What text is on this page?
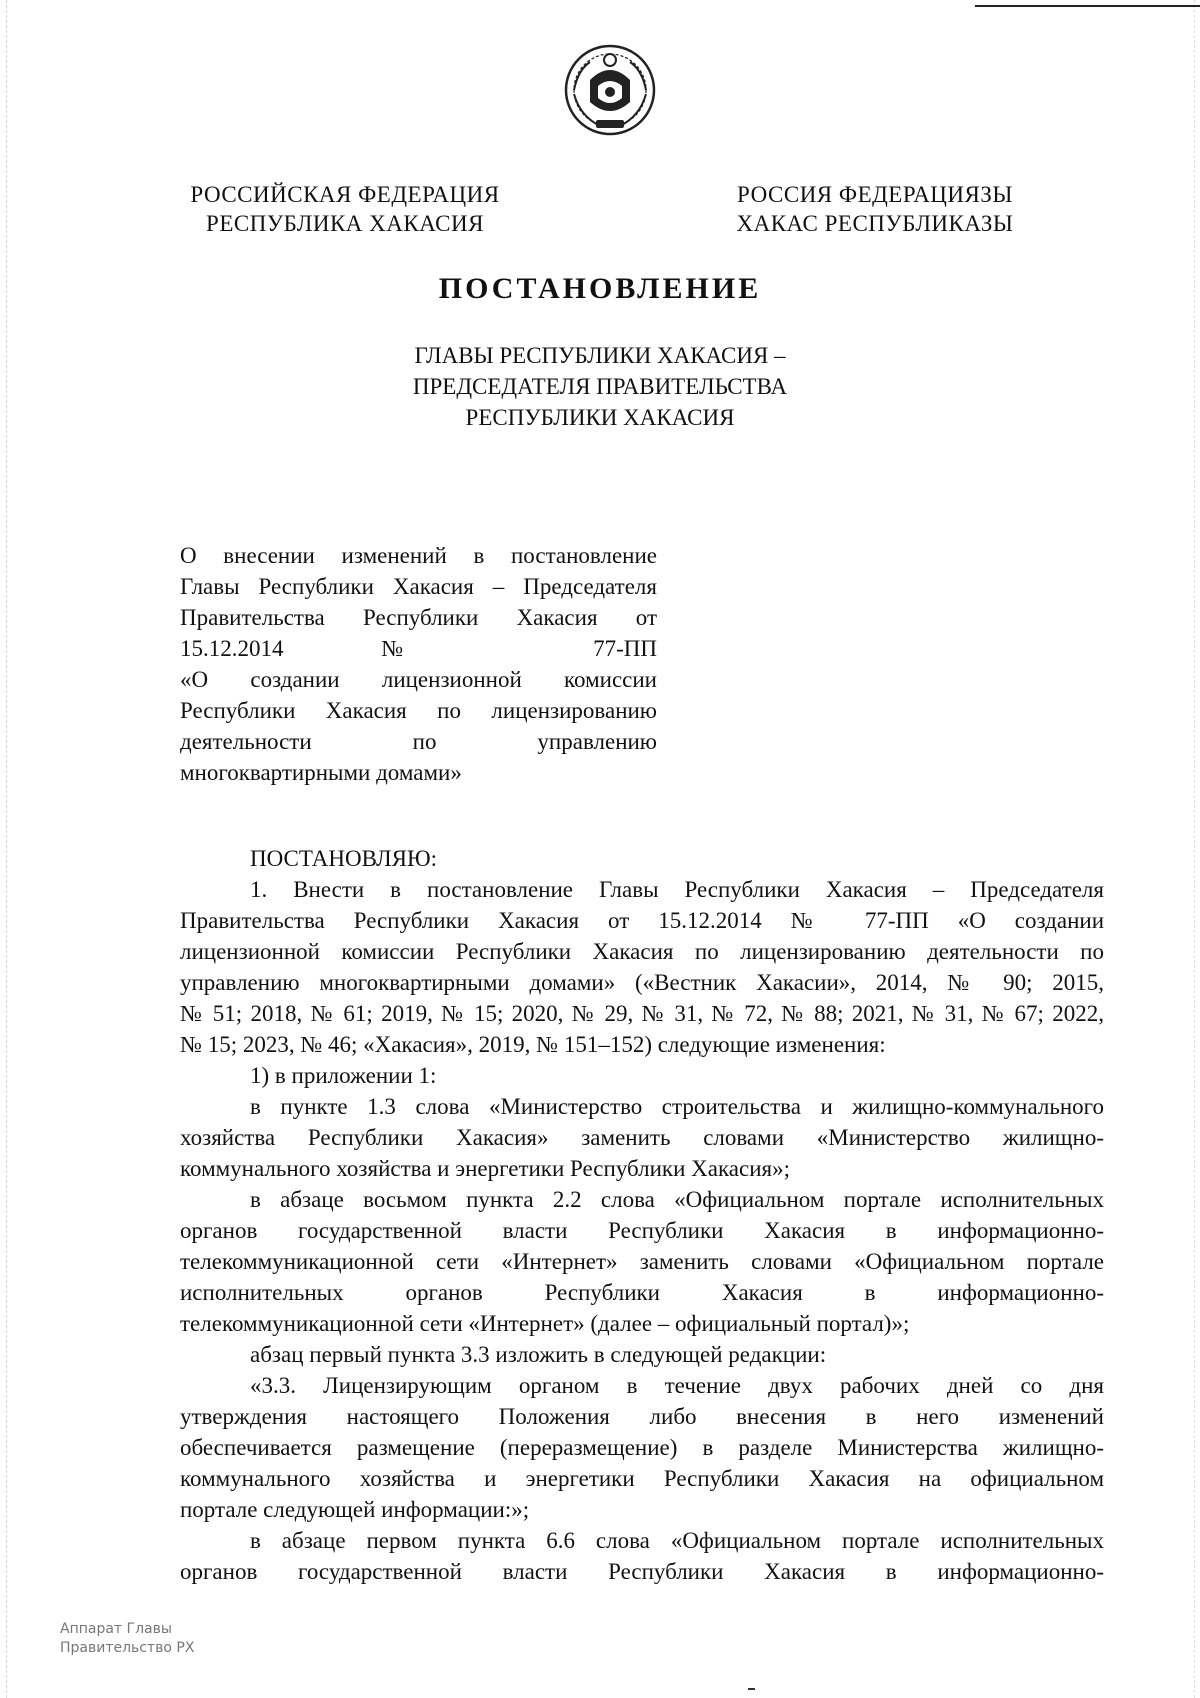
РОССИЙСКАЯ ФЕДЕРАЦИЯ
РЕСПУБЛИКА ХАКАСИЯ
РОССИЯ ФЕДЕРАЦИЯЗЫ
ХАКАС РЕСПУБЛИКАЗЫ
ПОСТАНОВЛЕНИЕ
ГЛАВЫ РЕСПУБЛИКИ ХАКАСИЯ –
ПРЕДСЕДАТЕЛЯ ПРАВИТЕЛЬСТВА
РЕСПУБЛИКИ ХАКАСИЯ
О внесении изменений в постановление
Главы Республики Хакасия – Председателя
Правительства Республики Хакасия от
15.12.2014 № 77-ПП
«О создании лицензионной комиссии
Республики Хакасия по лицензированию
деятельности по управлению
многоквартирными домами»
ПОСТАНОВЛЯЮ:
1. Внести в постановление Главы Республики Хакасия – Председателя
Правительства Республики Хакасия от 15.12.2014 № 77-ПП «О создании
лицензионной комиссии Республики Хакасия по лицензированию деятельности по
управлению многоквартирными домами» («Вестник Хакасии», 2014, № 90; 2015,
№ 51; 2018, № 61; 2019, № 15; 2020, № 29, № 31, № 72, № 88; 2021, № 31, № 67; 2022,
№ 15; 2023, № 46; «Хакасия», 2019, № 151–152) следующие изменения:
1) в приложении 1:
в пункте 1.3 слова «Министерство строительства и жилищно-коммунального
хозяйства Республики Хакасия» заменить словами «Министерство жилищно-
коммунального хозяйства и энергетики Республики Хакасия»;
в абзаце восьмом пункта 2.2 слова «Официальном портале исполнительных
органов государственной власти Республики Хакасия в информационно-
телекоммуникационной сети «Интернет» заменить словами «Официальном портале
исполнительных органов Республики Хакасия в информационно-
телекоммуникационной сети «Интернет» (далее – официальный портал)»;
абзац первый пункта 3.3 изложить в следующей редакции:
«3.3. Лицензирующим органом в течение двух рабочих дней со дня
утверждения настоящего Положения либо внесения в него изменений
обеспечивается размещение (переразмещение) в разделе Министерства жилищно-
коммунального хозяйства и энергетики Республики Хакасия на официальном
портале следующей информации:»;
в абзаце первом пункта 6.6 слова «Официальном портале исполнительных
органов государственной власти Республики Хакасия в информационно-
Аппарат Главы
Правительство РХ
